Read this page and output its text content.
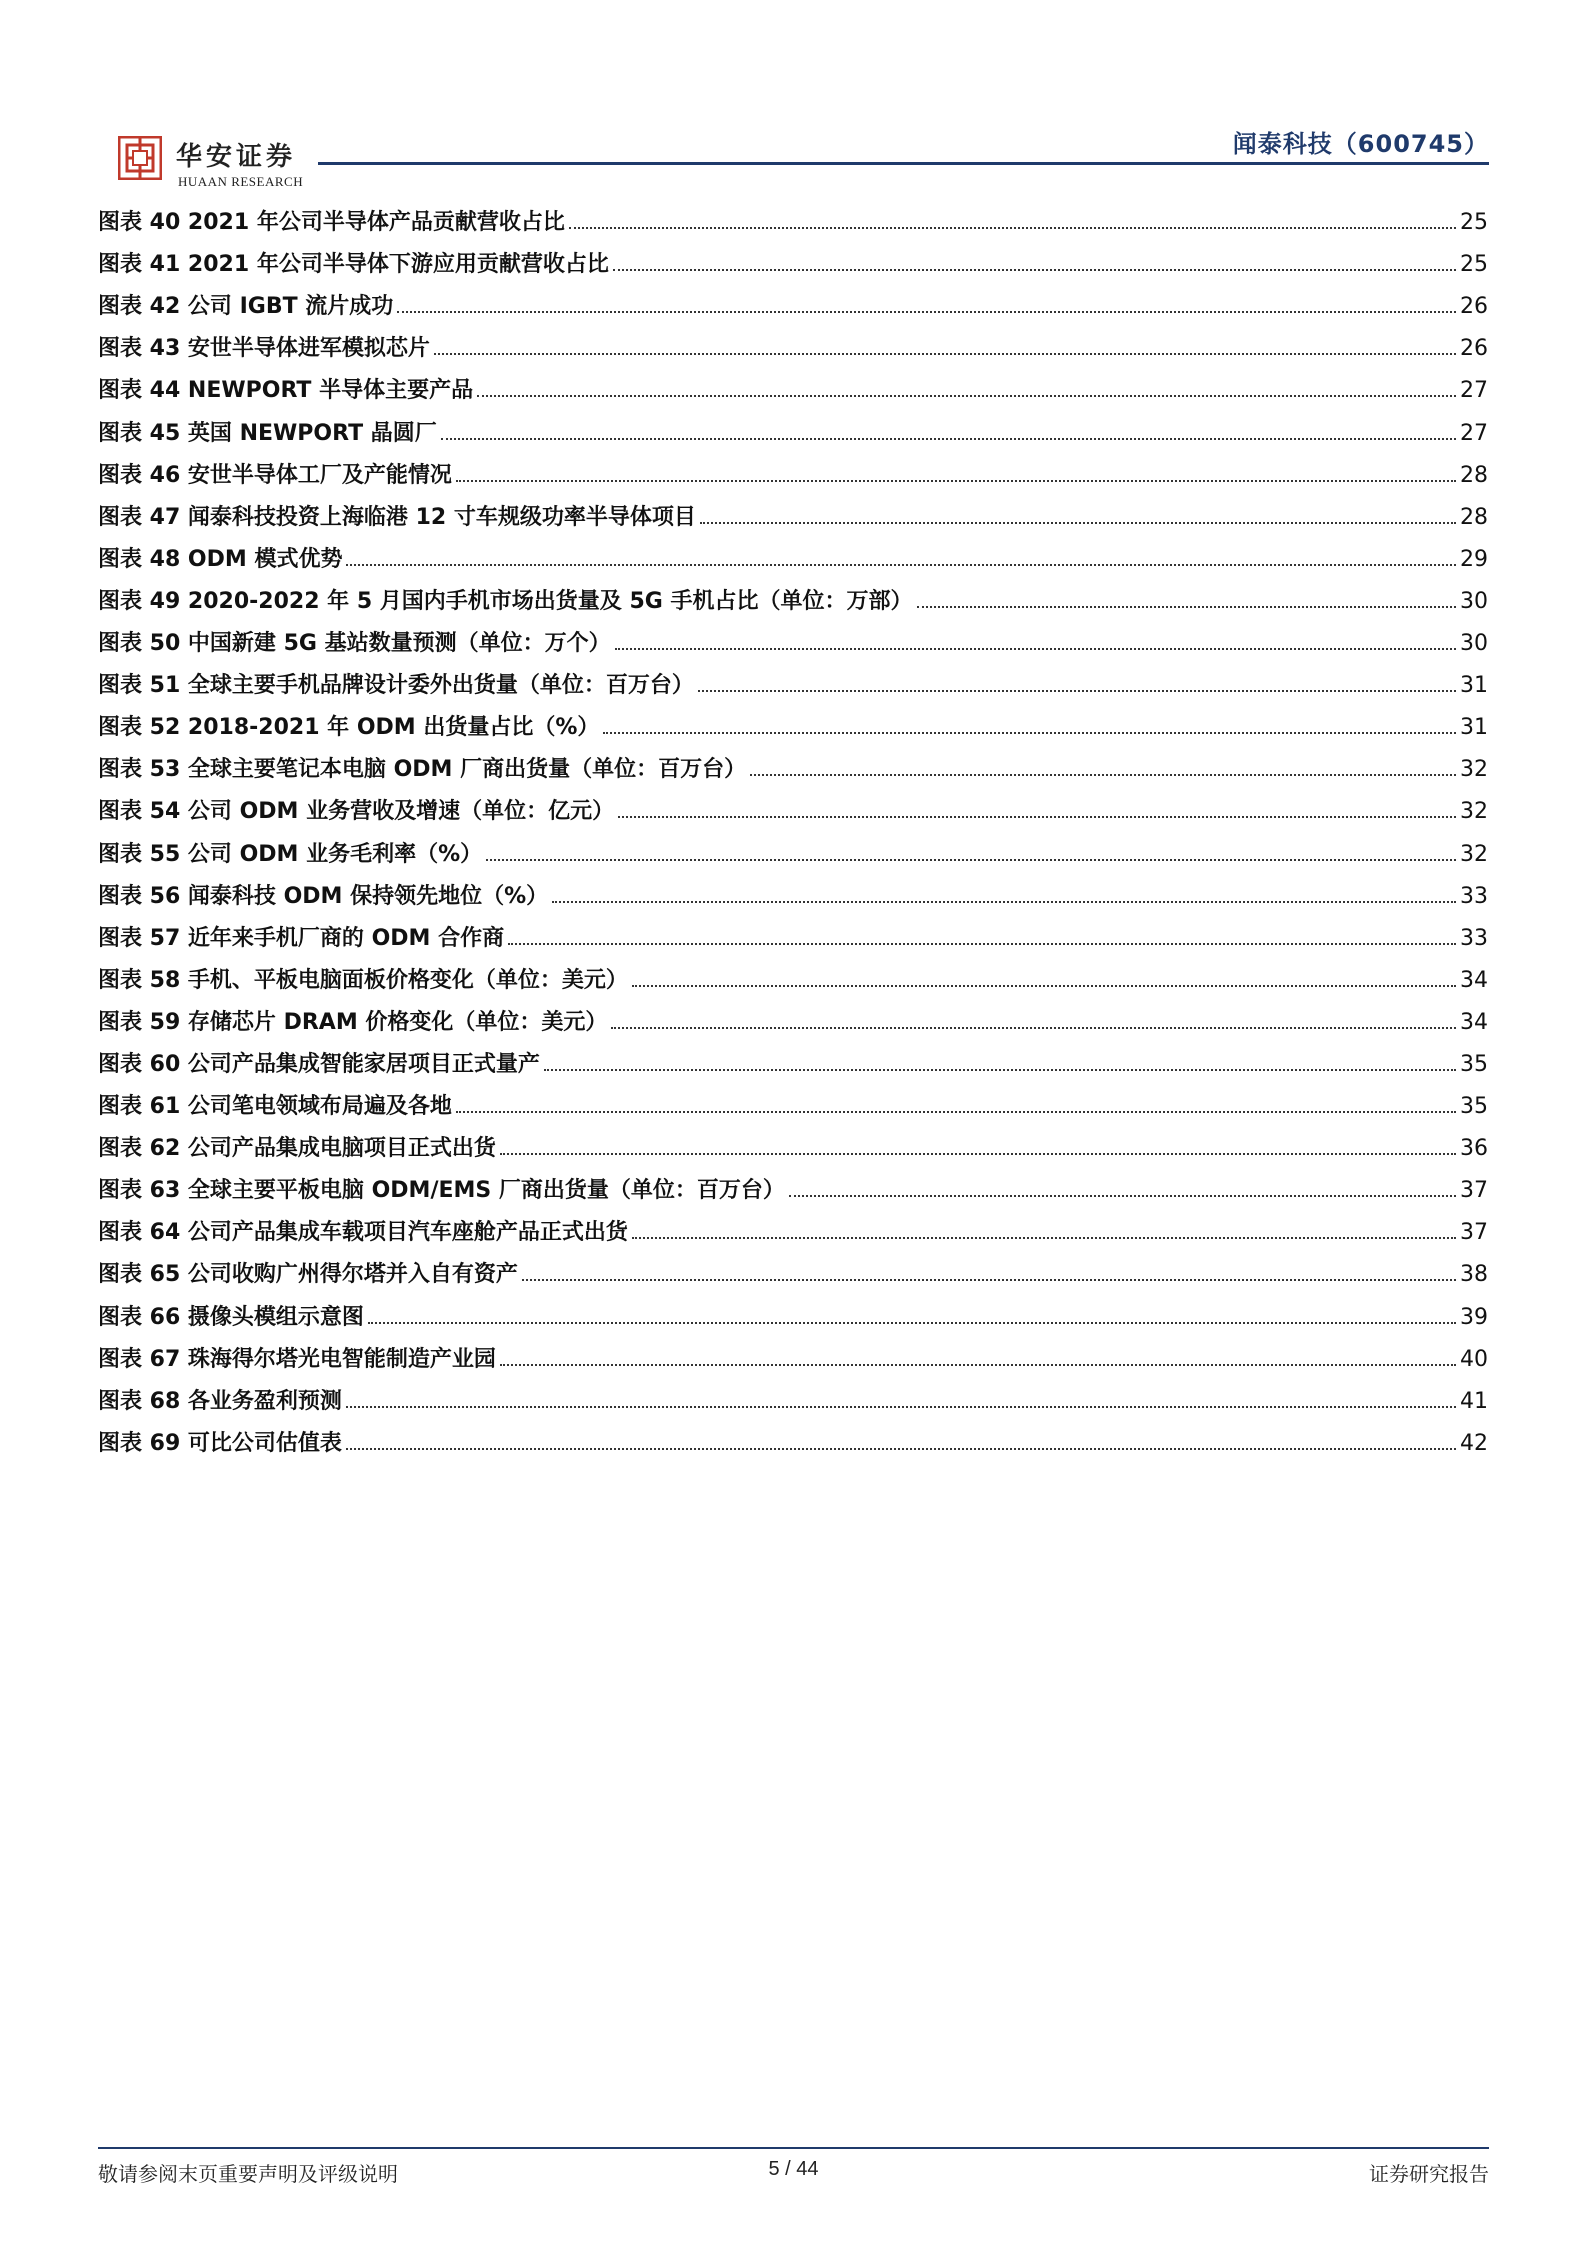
华安证券
HUAAN RESEARCH
闻泰科技（600745）
图表 40 2021 年公司半导体产品贡献营收占比	25
图表 41 2021 年公司半导体下游应用贡献营收占比	25
图表 42 公司 IGBT 流片成功	26
图表 43 安世半导体进军模拟芯片	26
图表 44 NEWPORT 半导体主要产品	27
图表 45 英国 NEWPORT 晶圆厂	27
图表 46 安世半导体工厂及产能情况	28
图表 47 闻泰科技投资上海临港 12 寸车规级功率半导体项目	28
图表 48 ODM 模式优势	29
图表 49 2020-2022 年 5 月国内手机市场出货量及 5G 手机占比（单位：万部）	30
图表 50 中国新建 5G 基站数量预测（单位：万个）	30
图表 51 全球主要手机品牌设计委外出货量（单位：百万台）	31
图表 52 2018-2021 年 ODM 出货量占比（%）	31
图表 53 全球主要笔记本电脑 ODM 厂商出货量（单位：百万台）	32
图表 54 公司 ODM 业务营收及增速（单位：亿元）	32
图表 55 公司 ODM 业务毛利率（%）	32
图表 56 闻泰科技 ODM 保持领先地位（%）	33
图表 57 近年来手机厂商的 ODM 合作商	33
图表 58 手机、平板电脑面板价格变化（单位：美元）	34
图表 59 存储芯片 DRAM 价格变化（单位：美元）	34
图表 60 公司产品集成智能家居项目正式量产	35
图表 61 公司笔电领域布局遍及各地	35
图表 62 公司产品集成电脑项目正式出货	36
图表 63 全球主要平板电脑 ODM/EMS 厂商出货量（单位：百万台）	37
图表 64 公司产品集成车载项目汽车座舱产品正式出货	37
图表 65 公司收购广州得尔塔并入自有资产	38
图表 66 摄像头模组示意图	39
图表 67 珠海得尔塔光电智能制造产业园	40
图表 68 各业务盈利预测	41
图表 69 可比公司估值表	42
敬请参阅末页重要声明及评级说明	5 / 44	证券研究报告
